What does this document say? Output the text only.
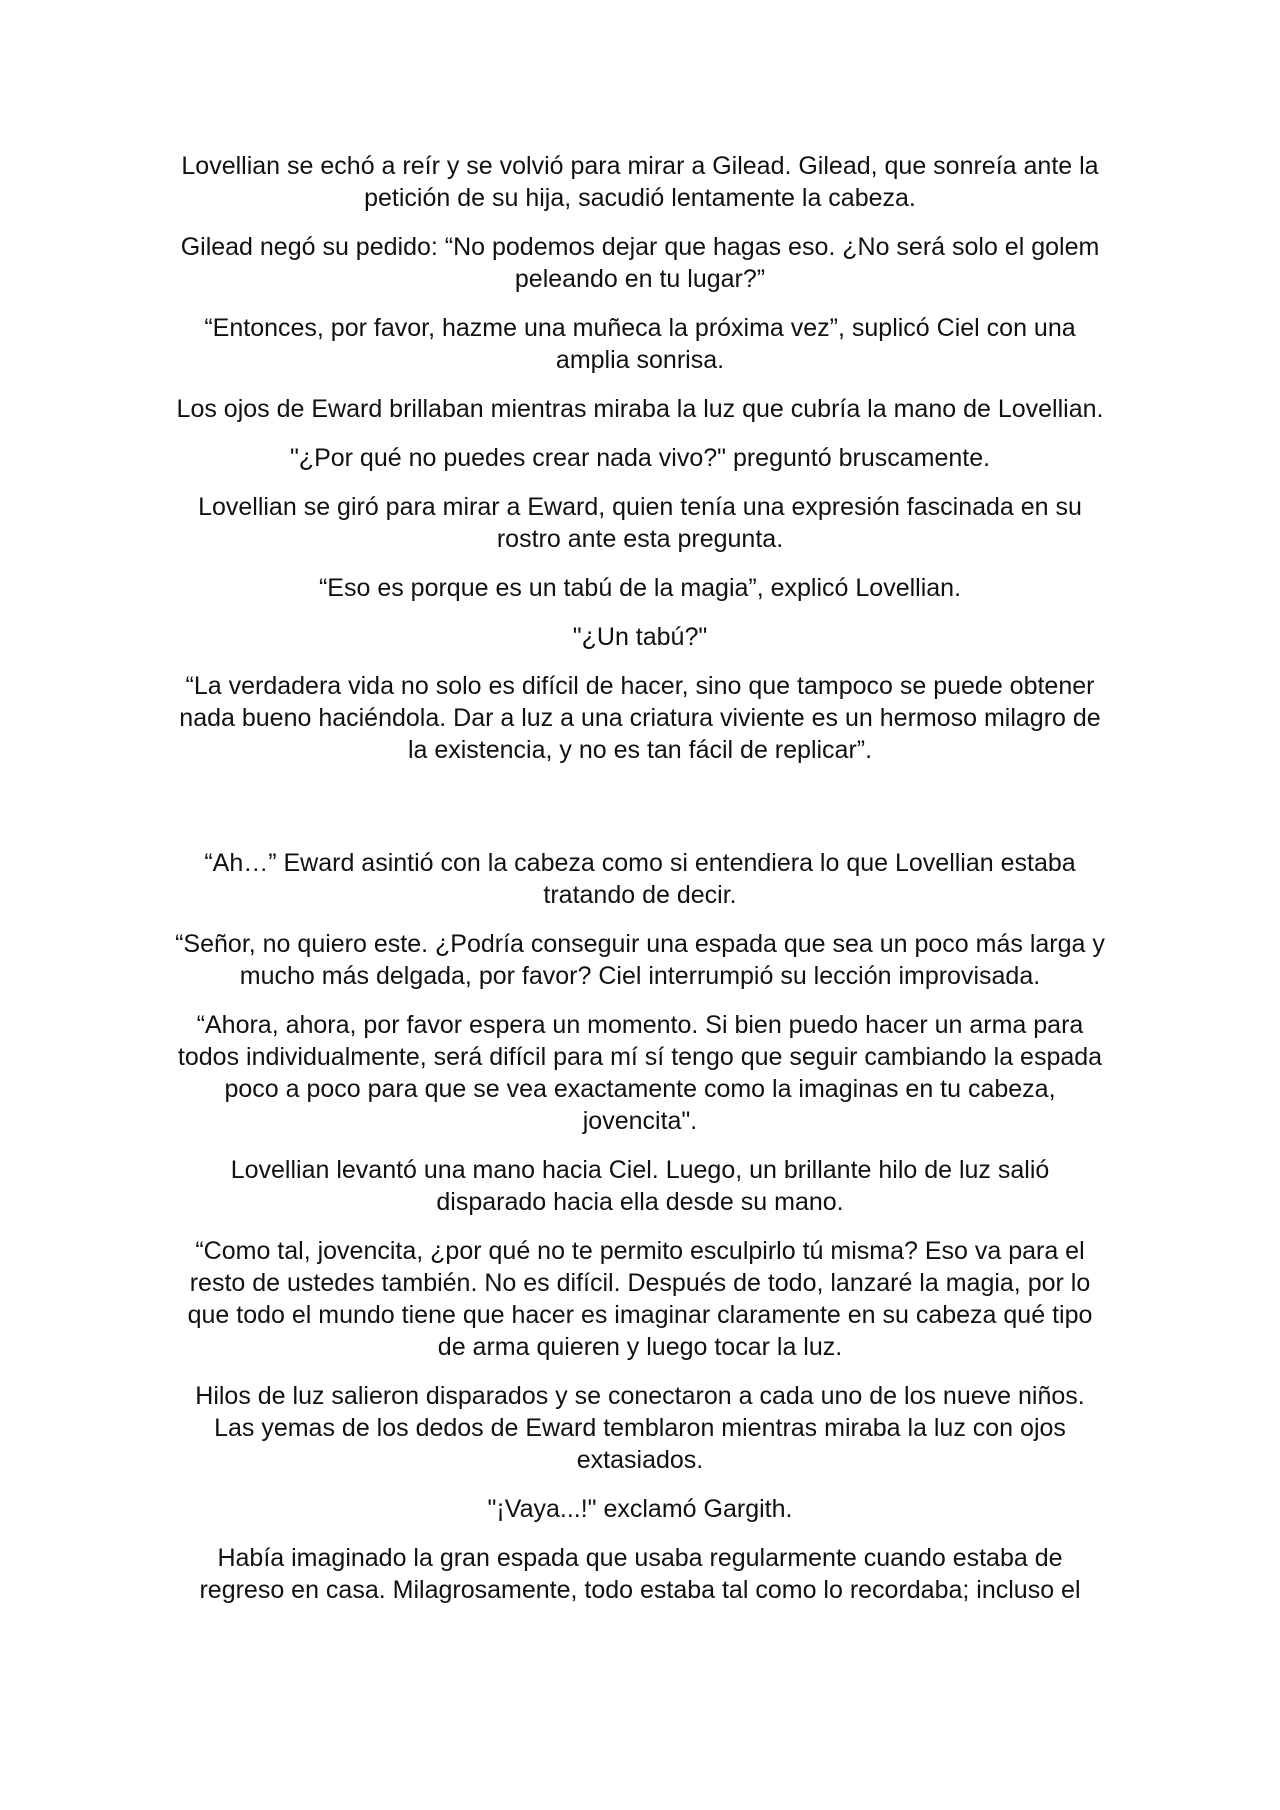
Lovellian se echó a reír y se volvió para mirar a Gilead. Gilead, que sonreía ante la petición de su hija, sacudió lentamente la cabeza.

Gilead negó su pedido: “No podemos dejar que hagas eso. ¿No será solo el golem peleando en tu lugar?”

“Entonces, por favor, hazme una muñeca la próxima vez”, suplicó Ciel con una amplia sonrisa.

Los ojos de Eward brillaban mientras miraba la luz que cubría la mano de Lovellian.

"¿Por qué no puedes crear nada vivo?" preguntó bruscamente.

Lovellian se giró para mirar a Eward, quien tenía una expresión fascinada en su rostro ante esta pregunta.

“Eso es porque es un tabú de la magia”, explicó Lovellian.

"¿Un tabú?"

“La verdadera vida no solo es difícil de hacer, sino que tampoco se puede obtener nada bueno haciéndola. Dar a luz a una criatura viviente es un hermoso milagro de la existencia, y no es tan fácil de replicar”.

“Ah…” Eward asintió con la cabeza como si entendiera lo que Lovellian estaba tratando de decir.

“Señor, no quiero este. ¿Podría conseguir una espada que sea un poco más larga y mucho más delgada, por favor? Ciel interrumpió su lección improvisada.

“Ahora, ahora, por favor espera un momento. Si bien puedo hacer un arma para todos individualmente, será difícil para mí sí tengo que seguir cambiando la espada poco a poco para que se vea exactamente como la imaginas en tu cabeza, jovencita".

Lovellian levantó una mano hacia Ciel. Luego, un brillante hilo de luz salió disparado hacia ella desde su mano.

“Como tal, jovencita, ¿por qué no te permito esculpirlo tú misma? Eso va para el resto de ustedes también. No es difícil. Después de todo, lanzaré la magia, por lo que todo el mundo tiene que hacer es imaginar claramente en su cabeza qué tipo de arma quieren y luego tocar la luz.

Hilos de luz salieron disparados y se conectaron a cada uno de los nueve niños. Las yemas de los dedos de Eward temblaron mientras miraba la luz con ojos extasiados.

"¡Vaya...!" exclamó Gargith.

Había imaginado la gran espada que usaba regularmente cuando estaba de regreso en casa. Milagrosamente, todo estaba tal como lo recordaba; incluso el
